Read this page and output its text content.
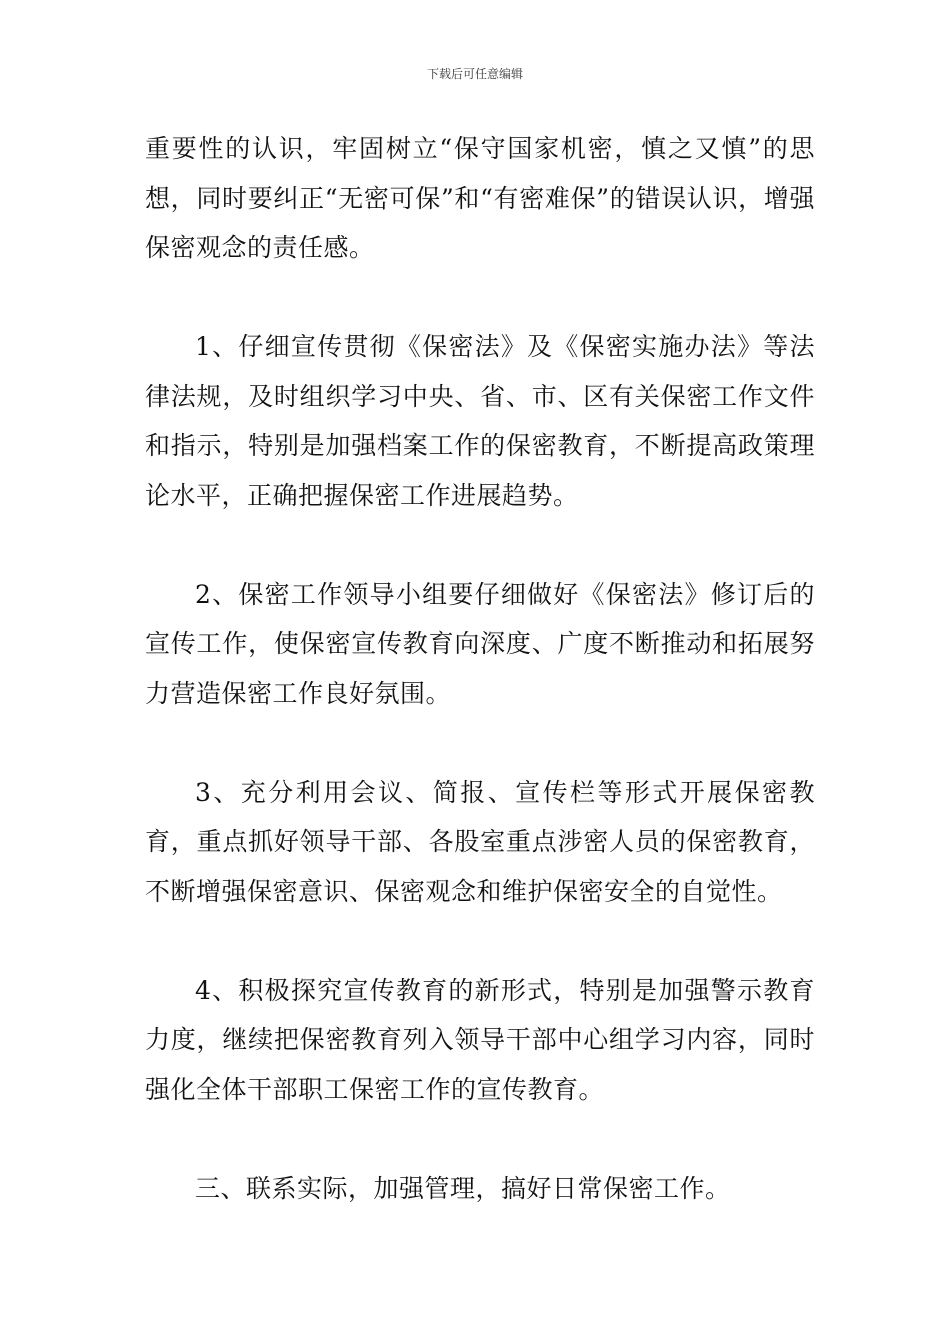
下载后可任意编辑

重要性的认识，牢固树立“保守国家机密，慎之又慎”的思想，同时要纠正“无密可保”和“有密难保”的错误认识，增强保密观念的责任感。

1、仔细宣传贯彻《保密法》及《保密实施办法》等法律法规，及时组织学习中央、省、市、区有关保密工作文件和指示，特别是加强档案工作的保密教育，不断提高政策理论水平，正确把握保密工作进展趋势。

2、保密工作领导小组要仔细做好《保密法》修订后的宣传工作，使保密宣传教育向深度、广度不断推动和拓展努力营造保密工作良好氛围。

3、充分利用会议、简报、宣传栏等形式开展保密教育，重点抓好领导干部、各股室重点涉密人员的保密教育，不断增强保密意识、保密观念和维护保密安全的自觉性。

4、积极探究宣传教育的新形式，特别是加强警示教育力度，继续把保密教育列入领导干部中心组学习内容，同时强化全体干部职工保密工作的宣传教育。

三、联系实际，加强管理，搞好日常保密工作。
